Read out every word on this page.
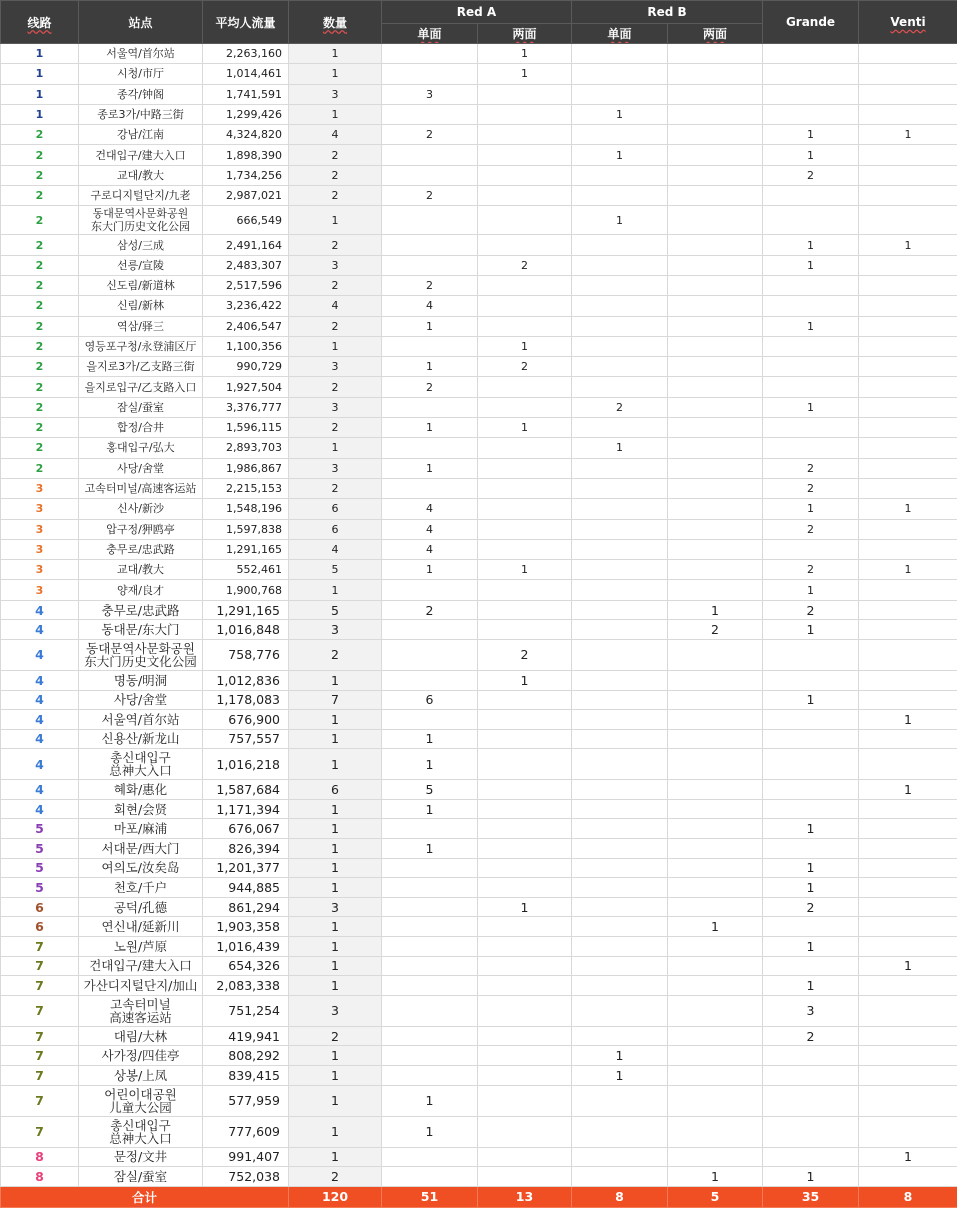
线路	站点	平均人流量	数量	Red A		Red B		Grande	Venti
				单面	两面	单面	两面		
1	서울역/首尔站	2,263,160	1		1				
1	시청/市厅	1,014,461	1		1				
1	종각/钟阁	1,741,591	3	3					
1	종로3가/中路三街	1,299,426	1			1			
2	강남/江南	4,324,820	4	2				1	1
2	건대입구/建大入口	1,898,390	2			1		1	
2	교대/教大	1,734,256	2					2	
2	구로디지털단지/九老	2,987,021	2	2					
2	동대문역사문화공원
东大门历史文化公园	666,549	1			1			
2	삼성/三成	2,491,164	2					1	1
2	선릉/宣陵	2,483,307	3		2			1	
2	신도림/新道林	2,517,596	2	2					
2	신림/新林	3,236,422	4	4					
2	역삼/驿三	2,406,547	2	1				1	
2	영등포구청/永登浦区厅	1,100,356	1		1				
2	을지로3가/乙支路三街	990,729	3	1	2				
2	을지로입구/乙支路入口	1,927,504	2	2					
2	잠실/蚕室	3,376,777	3			2		1	
2	합정/合井	1,596,115	2	1	1				
2	홍대입구/弘大	2,893,703	1			1			
2	사당/舍堂	1,986,867	3	1				2	
3	고속터미널/高速客运站	2,215,153	2					2	
3	신사/新沙	1,548,196	6	4				1	1
3	압구정/狎鸥亭	1,597,838	6	4				2	
3	충무로/忠武路	1,291,165	4	4					
3	교대/教大	552,461	5	1	1			2	1
3	양재/良才	1,900,768	1					1	
4	충무로/忠武路	1,291,165	5	2			1	2	
4	동대문/东大门	1,016,848	3				2	1	
4	동대문역사문화공원
东大门历史文化公园	758,776	2		2				
4	명동/明洞	1,012,836	1		1				
4	사당/舍堂	1,178,083	7	6				1	
4	서울역/首尔站	676,900	1						1
4	신용산/新龙山	757,557	1	1					
4	총신대입구
总神大入口	1,016,218	1	1					
4	혜화/惠化	1,587,684	6	5					1
4	회현/会贤	1,171,394	1	1					
5	마포/麻浦	676,067	1					1	
5	서대문/西大门	826,394	1	1					
5	여의도/汝矣岛	1,201,377	1					1	
5	천호/千户	944,885	1					1	
6	공덕/孔德	861,294	3		1			2	
6	연신내/延新川	1,903,358	1				1		
7	노원/芦原	1,016,439	1					1	
7	건대입구/建大入口	654,326	1						1
7	가산디지털단지/加山	2,083,338	1					1	
7	고속터미널
高速客运站	751,254	3					3	
7	대림/大林	419,941	2					2	
7	사가정/四佳亭	808,292	1			1			
7	상봉/上凤	839,415	1			1			
7	어린이대공원
儿童大公园	577,959	1	1					
7	총신대입구
总神大入口	777,609	1	1					
8	문정/文井	991,407	1						1
8	잠실/蚕室	752,038	2				1	1	
合计			120	51	13	8	5	35	8
